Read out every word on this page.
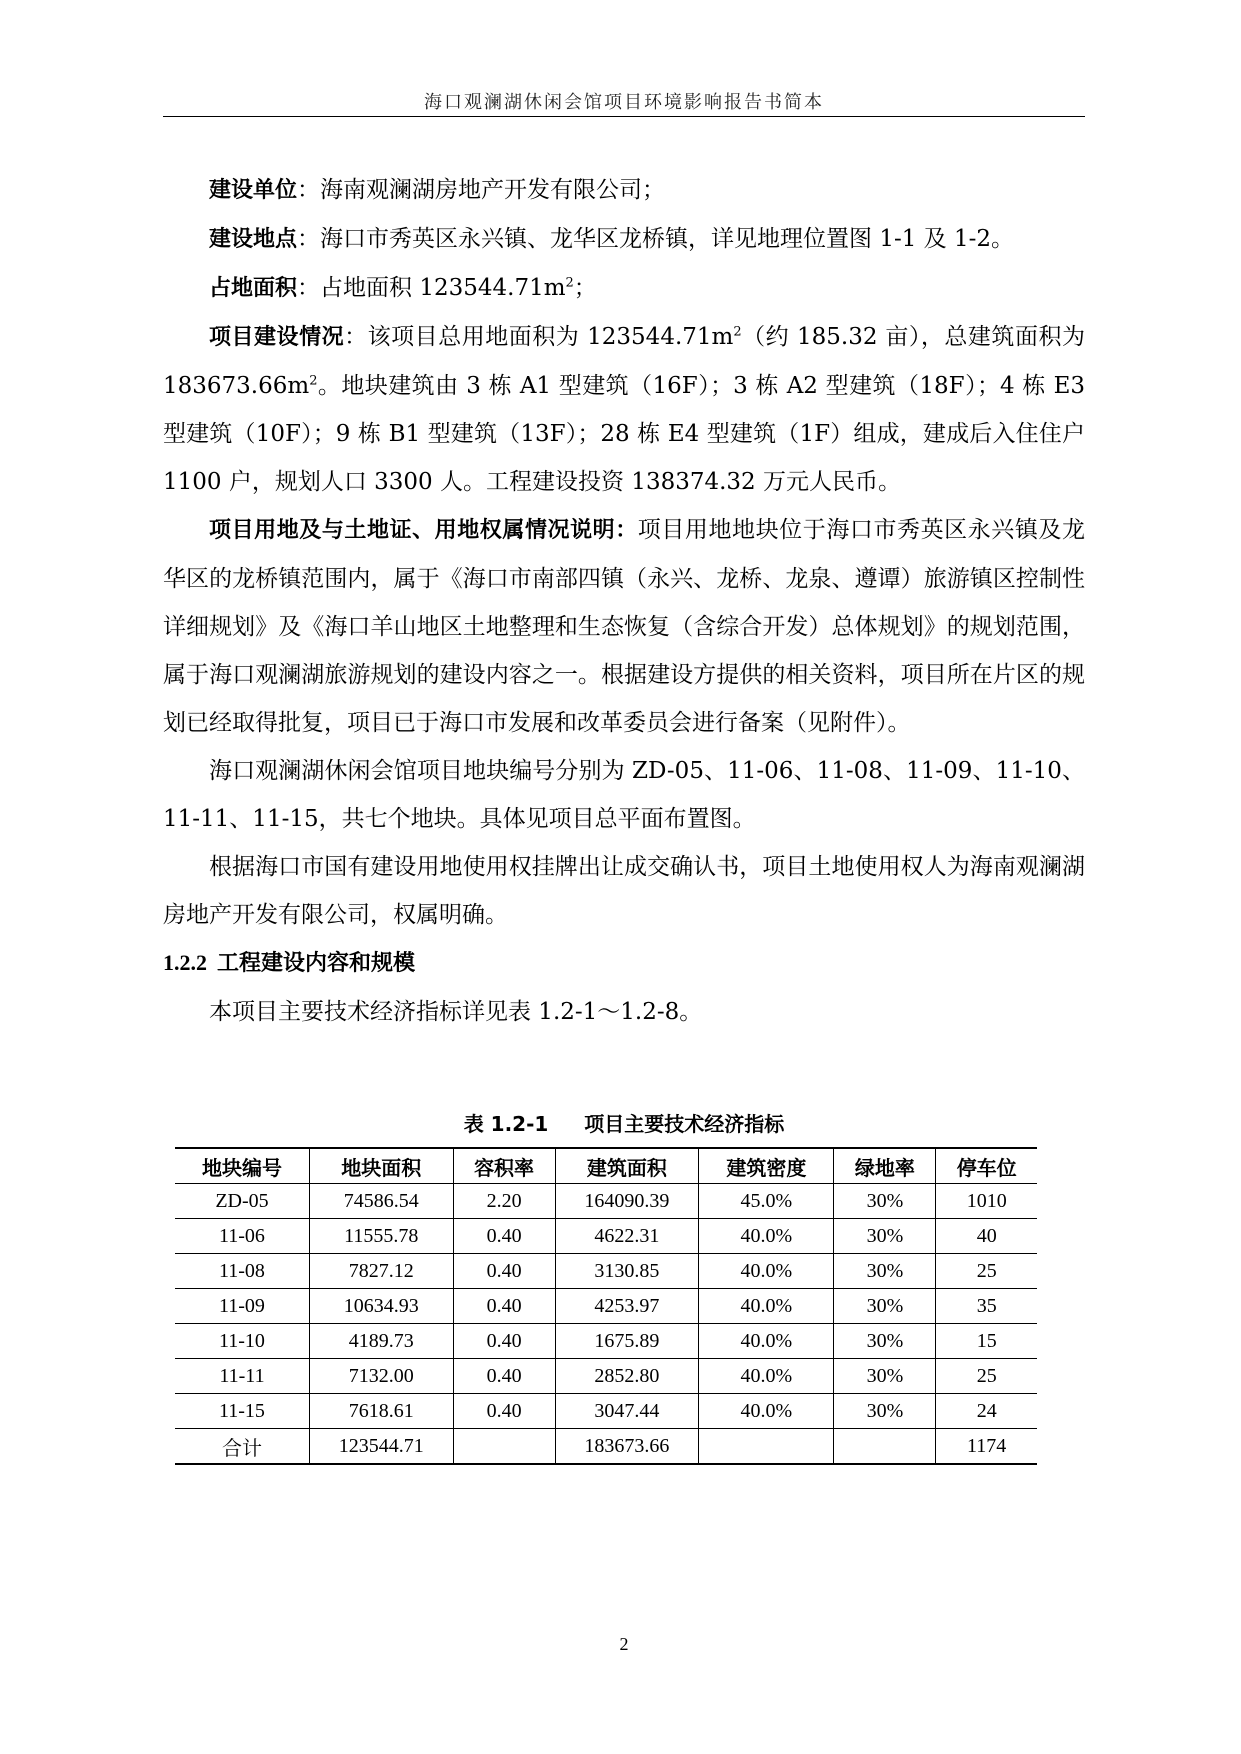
海口观澜湖休闲会馆项目环境影响报告书简本

建设单位：海南观澜湖房地产开发有限公司；

建设地点：海口市秀英区永兴镇、龙华区龙桥镇，详见地理位置图 1-1 及 1-2。

占地面积：占地面积 $123544.71m^2$；

项目建设情况：该项目总用地面积为 $123544.71m^2$（约 185.32 亩），总建筑面积为 $183673.66m^2$。地块建筑由 3 栋 A1 型建筑（16F）；3 栋 A2 型建筑（18F）；4 栋 E3 型建筑（10F）；9 栋 B1 型建筑（13F）；28 栋 E4 型建筑（1F）组成，建成后入住住户 1100 户，规划人口 3300 人。工程建设投资 138374.32 万元人民币。

项目用地及与土地证、用地权属情况说明：项目用地地块位于海口市秀英区永兴镇及龙华区的龙桥镇范围内，属于《海口市南部四镇（永兴、龙桥、龙泉、遵谭）旅游镇区控制性详细规划》及《海口羊山地区土地整理和生态恢复（含综合开发）总体规划》的规划范围，属于海口观澜湖旅游规划的建设内容之一。根据建设方提供的相关资料，项目所在片区的规划已经取得批复，项目已于海口市发展和改革委员会进行备案（见附件）。

海口观澜湖休闲会馆项目地块编号分别为 ZD-05、11-06、11-08、11-09、11-10、11-11、11-15，共七个地块。具体见项目总平面布置图。

根据海口市国有建设用地使用权挂牌出让成交确认书，项目土地使用权人为海南观澜湖房地产开发有限公司，权属明确。

1.2.2 工程建设内容和规模

本项目主要技术经济指标详见表 1.2-1～1.2-8。

表 1.2-1 项目主要技术经济指标
地块编号	地块面积	容积率	建筑面积	建筑密度	绿地率	停车位
ZD-05	74586.54	2.20	164090.39	45.0%	30%	1010
11-06	11555.78	0.40	4622.31	40.0%	30%	40
11-08	7827.12	0.40	3130.85	40.0%	30%	25
11-09	10634.93	0.40	4253.97	40.0%	30%	35
11-10	4189.73	0.40	1675.89	40.0%	30%	15
11-11	7132.00	0.40	2852.80	40.0%	30%	25
11-15	7618.61	0.40	3047.44	40.0%	30%	24
合计	123544.71		183673.66			1174
2
